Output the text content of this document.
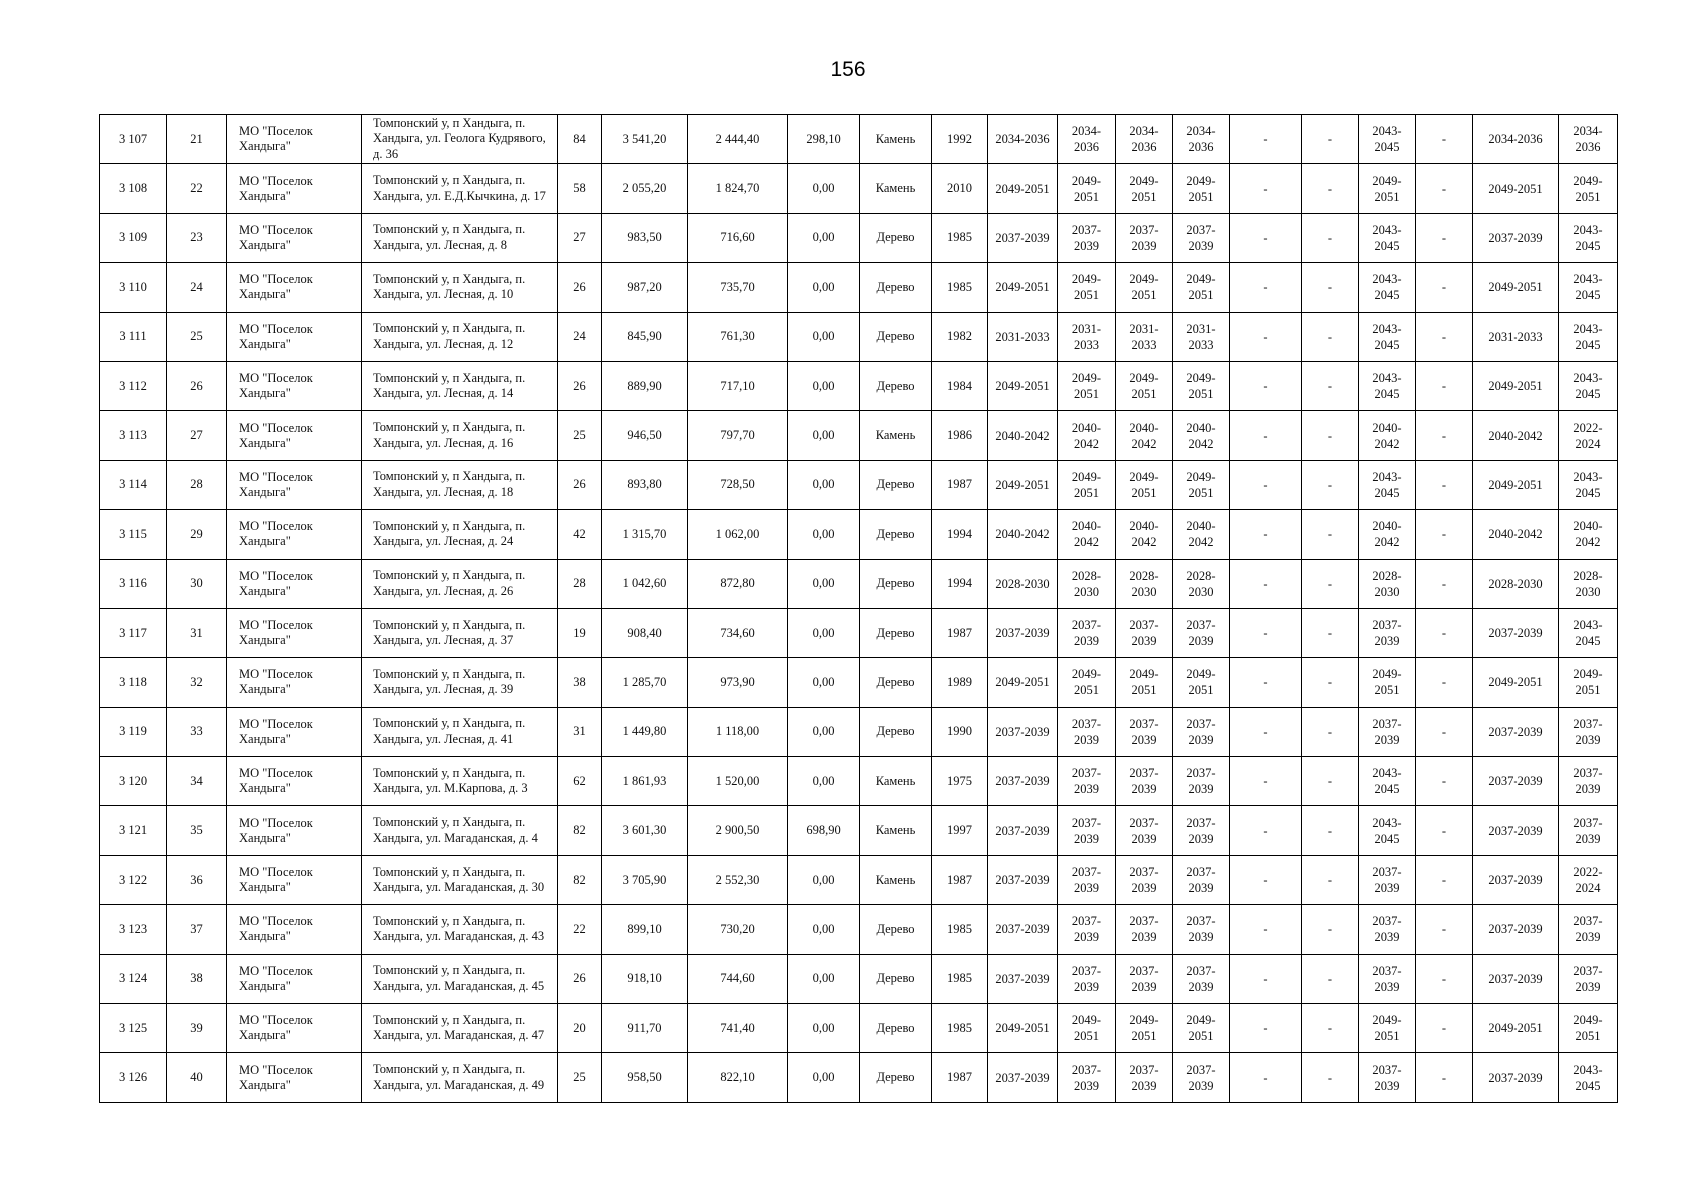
156
3 107	21	МО "Поселок Хандыга"	Томпонский у, п Хандыга, п. Хандыга, ул. Геолога Кудрявого, д. 36	84	3 541,20	2 444,40	298,10	Камень	1992	2034-2036	2034-2036	2034-2036	2034-2036	-	-	2043-2045	-	2034-2036	2034-2036
3 108	22	МО "Поселок Хандыга"	Томпонский у, п Хандыга, п. Хандыга, ул. Е.Д.Кычкина, д. 17	58	2 055,20	1 824,70	0,00	Камень	2010	2049-2051	2049-2051	2049-2051	2049-2051	-	-	2049-2051	-	2049-2051	2049-2051
3 109	23	МО "Поселок Хандыга"	Томпонский у, п Хандыга, п. Хандыга, ул. Лесная, д. 8	27	983,50	716,60	0,00	Дерево	1985	2037-2039	2037-2039	2037-2039	2037-2039	-	-	2043-2045	-	2037-2039	2043-2045
3 110	24	МО "Поселок Хандыга"	Томпонский у, п Хандыга, п. Хандыга, ул. Лесная, д. 10	26	987,20	735,70	0,00	Дерево	1985	2049-2051	2049-2051	2049-2051	2049-2051	-	-	2043-2045	-	2049-2051	2043-2045
3 111	25	МО "Поселок Хандыга"	Томпонский у, п Хандыга, п. Хандыга, ул. Лесная, д. 12	24	845,90	761,30	0,00	Дерево	1982	2031-2033	2031-2033	2031-2033	2031-2033	-	-	2043-2045	-	2031-2033	2043-2045
3 112	26	МО "Поселок Хандыга"	Томпонский у, п Хандыга, п. Хандыга, ул. Лесная, д. 14	26	889,90	717,10	0,00	Дерево	1984	2049-2051	2049-2051	2049-2051	2049-2051	-	-	2043-2045	-	2049-2051	2043-2045
3 113	27	МО "Поселок Хандыга"	Томпонский у, п Хандыга, п. Хандыга, ул. Лесная, д. 16	25	946,50	797,70	0,00	Камень	1986	2040-2042	2040-2042	2040-2042	2040-2042	-	-	2040-2042	-	2040-2042	2022-2024
3 114	28	МО "Поселок Хандыга"	Томпонский у, п Хандыга, п. Хандыга, ул. Лесная, д. 18	26	893,80	728,50	0,00	Дерево	1987	2049-2051	2049-2051	2049-2051	2049-2051	-	-	2043-2045	-	2049-2051	2043-2045
3 115	29	МО "Поселок Хандыга"	Томпонский у, п Хандыга, п. Хандыга, ул. Лесная, д. 24	42	1 315,70	1 062,00	0,00	Дерево	1994	2040-2042	2040-2042	2040-2042	2040-2042	-	-	2040-2042	-	2040-2042	2040-2042
3 116	30	МО "Поселок Хандыга"	Томпонский у, п Хандыга, п. Хандыга, ул. Лесная, д. 26	28	1 042,60	872,80	0,00	Дерево	1994	2028-2030	2028-2030	2028-2030	2028-2030	-	-	2028-2030	-	2028-2030	2028-2030
3 117	31	МО "Поселок Хандыга"	Томпонский у, п Хандыга, п. Хандыга, ул. Лесная, д. 37	19	908,40	734,60	0,00	Дерево	1987	2037-2039	2037-2039	2037-2039	2037-2039	-	-	2037-2039	-	2037-2039	2043-2045
3 118	32	МО "Поселок Хандыга"	Томпонский у, п Хандыга, п. Хандыга, ул. Лесная, д. 39	38	1 285,70	973,90	0,00	Дерево	1989	2049-2051	2049-2051	2049-2051	2049-2051	-	-	2049-2051	-	2049-2051	2049-2051
3 119	33	МО "Поселок Хандыга"	Томпонский у, п Хандыга, п. Хандыга, ул. Лесная, д. 41	31	1 449,80	1 118,00	0,00	Дерево	1990	2037-2039	2037-2039	2037-2039	2037-2039	-	-	2037-2039	-	2037-2039	2037-2039
3 120	34	МО "Поселок Хандыга"	Томпонский у, п Хандыга, п. Хандыга, ул. М.Карпова, д. 3	62	1 861,93	1 520,00	0,00	Камень	1975	2037-2039	2037-2039	2037-2039	2037-2039	-	-	2043-2045	-	2037-2039	2037-2039
3 121	35	МО "Поселок Хандыга"	Томпонский у, п Хандыга, п. Хандыга, ул. Магаданская, д. 4	82	3 601,30	2 900,50	698,90	Камень	1997	2037-2039	2037-2039	2037-2039	2037-2039	-	-	2043-2045	-	2037-2039	2037-2039
3 122	36	МО "Поселок Хандыга"	Томпонский у, п Хандыга, п. Хандыга, ул. Магаданская, д. 30	82	3 705,90	2 552,30	0,00	Камень	1987	2037-2039	2037-2039	2037-2039	2037-2039	-	-	2037-2039	-	2037-2039	2022-2024
3 123	37	МО "Поселок Хандыга"	Томпонский у, п Хандыга, п. Хандыга, ул. Магаданская, д. 43	22	899,10	730,20	0,00	Дерево	1985	2037-2039	2037-2039	2037-2039	2037-2039	-	-	2037-2039	-	2037-2039	2037-2039
3 124	38	МО "Поселок Хандыга"	Томпонский у, п Хандыга, п. Хандыга, ул. Магаданская, д. 45	26	918,10	744,60	0,00	Дерево	1985	2037-2039	2037-2039	2037-2039	2037-2039	-	-	2037-2039	-	2037-2039	2037-2039
3 125	39	МО "Поселок Хандыга"	Томпонский у, п Хандыга, п. Хандыга, ул. Магаданская, д. 47	20	911,70	741,40	0,00	Дерево	1985	2049-2051	2049-2051	2049-2051	2049-2051	-	-	2049-2051	-	2049-2051	2049-2051
3 126	40	МО "Поселок Хандыга"	Томпонский у, п Хандыга, п. Хандыга, ул. Магаданская, д. 49	25	958,50	822,10	0,00	Дерево	1987	2037-2039	2037-2039	2037-2039	2037-2039	-	-	2037-2039	-	2037-2039	2043-2045
